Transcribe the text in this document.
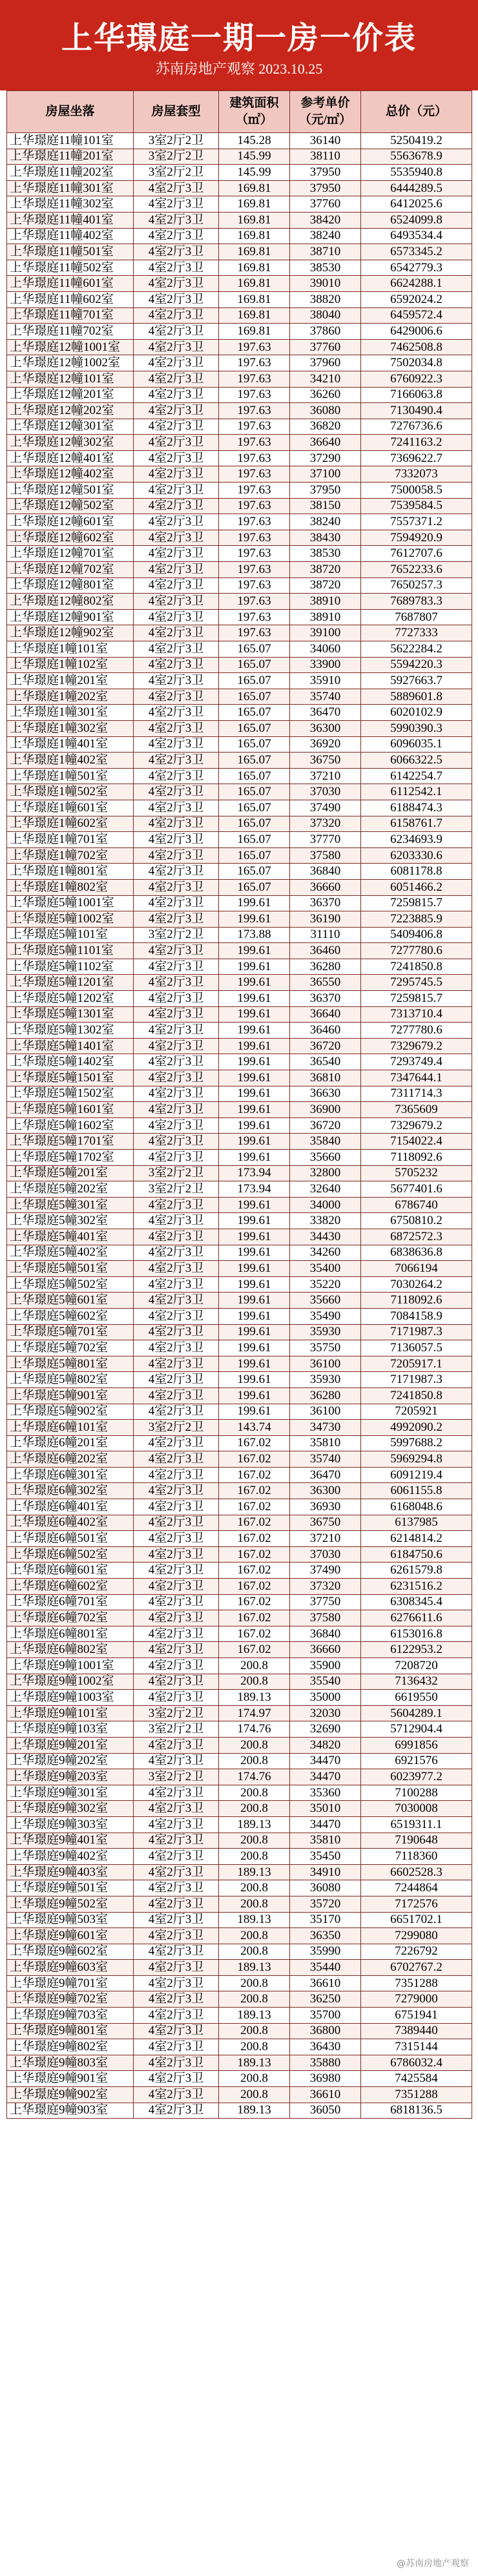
上华璟庭一期一房一价表
苏南房地产观察 2023.10.25
房屋坐落	房屋套型	建筑面积（㎡）	参考单价（元/㎡）	总价（元）
上华璟庭11幢101室	3室2厅2卫	145.28	36140	5250419.2
上华璟庭11幢201室	3室2厅2卫	145.99	38110	5563678.9
上华璟庭11幢202室	3室2厅2卫	145.99	37950	5535940.8
上华璟庭11幢301室	4室2厅3卫	169.81	37950	6444289.5
上华璟庭11幢302室	4室2厅3卫	169.81	37760	6412025.6
上华璟庭11幢401室	4室2厅3卫	169.81	38420	6524099.8
上华璟庭11幢402室	4室2厅3卫	169.81	38240	6493534.4
上华璟庭11幢501室	4室2厅3卫	169.81	38710	6573345.2
上华璟庭11幢502室	4室2厅3卫	169.81	38530	6542779.3
上华璟庭11幢601室	4室2厅3卫	169.81	39010	6624288.1
上华璟庭11幢602室	4室2厅3卫	169.81	38820	6592024.2
上华璟庭11幢701室	4室2厅3卫	169.81	38040	6459572.4
上华璟庭11幢702室	4室2厅3卫	169.81	37860	6429006.6
上华璟庭12幢1001室	4室2厅3卫	197.63	37760	7462508.8
上华璟庭12幢1002室	4室2厅3卫	197.63	37960	7502034.8
上华璟庭12幢101室	4室2厅3卫	197.63	34210	6760922.3
上华璟庭12幢201室	4室2厅3卫	197.63	36260	7166063.8
上华璟庭12幢202室	4室2厅3卫	197.63	36080	7130490.4
上华璟庭12幢301室	4室2厅3卫	197.63	36820	7276736.6
上华璟庭12幢302室	4室2厅3卫	197.63	36640	7241163.2
上华璟庭12幢401室	4室2厅3卫	197.63	37290	7369622.7
上华璟庭12幢402室	4室2厅3卫	197.63	37100	7332073
上华璟庭12幢501室	4室2厅3卫	197.63	37950	7500058.5
上华璟庭12幢502室	4室2厅3卫	197.63	38150	7539584.5
上华璟庭12幢601室	4室2厅3卫	197.63	38240	7557371.2
上华璟庭12幢602室	4室2厅3卫	197.63	38430	7594920.9
上华璟庭12幢701室	4室2厅3卫	197.63	38530	7612707.6
上华璟庭12幢702室	4室2厅3卫	197.63	38720	7652233.6
上华璟庭12幢801室	4室2厅3卫	197.63	38720	7650257.3
上华璟庭12幢802室	4室2厅3卫	197.63	38910	7689783.3
上华璟庭12幢901室	4室2厅3卫	197.63	38910	7687807
上华璟庭12幢902室	4室2厅3卫	197.63	39100	7727333
上华璟庭1幢101室	4室2厅3卫	165.07	34060	5622284.2
上华璟庭1幢102室	4室2厅3卫	165.07	33900	5594220.3
上华璟庭1幢201室	4室2厅3卫	165.07	35910	5927663.7
上华璟庭1幢202室	4室2厅3卫	165.07	35740	5889601.8
上华璟庭1幢301室	4室2厅3卫	165.07	36470	6020102.9
上华璟庭1幢302室	4室2厅3卫	165.07	36300	5990390.3
上华璟庭1幢401室	4室2厅3卫	165.07	36920	6096035.1
上华璟庭1幢402室	4室2厅3卫	165.07	36750	6066322.5
上华璟庭1幢501室	4室2厅3卫	165.07	37210	6142254.7
上华璟庭1幢502室	4室2厅3卫	165.07	37030	6112542.1
上华璟庭1幢601室	4室2厅3卫	165.07	37490	6188474.3
上华璟庭1幢602室	4室2厅3卫	165.07	37320	6158761.7
上华璟庭1幢701室	4室2厅3卫	165.07	37770	6234693.9
上华璟庭1幢702室	4室2厅3卫	165.07	37580	6203330.6
上华璟庭1幢801室	4室2厅3卫	165.07	36840	6081178.8
上华璟庭1幢802室	4室2厅3卫	165.07	36660	6051466.2
上华璟庭5幢1001室	4室2厅3卫	199.61	36370	7259815.7
上华璟庭5幢1002室	4室2厅3卫	199.61	36190	7223885.9
上华璟庭5幢101室	3室2厅2卫	173.88	31110	5409406.8
上华璟庭5幢1101室	4室2厅3卫	199.61	36460	7277780.6
上华璟庭5幢1102室	4室2厅3卫	199.61	36280	7241850.8
上华璟庭5幢1201室	4室2厅3卫	199.61	36550	7295745.5
上华璟庭5幢1202室	4室2厅3卫	199.61	36370	7259815.7
上华璟庭5幢1301室	4室2厅3卫	199.61	36640	7313710.4
上华璟庭5幢1302室	4室2厅3卫	199.61	36460	7277780.6
上华璟庭5幢1401室	4室2厅3卫	199.61	36720	7329679.2
上华璟庭5幢1402室	4室2厅3卫	199.61	36540	7293749.4
上华璟庭5幢1501室	4室2厅3卫	199.61	36810	7347644.1
上华璟庭5幢1502室	4室2厅3卫	199.61	36630	7311714.3
上华璟庭5幢1601室	4室2厅3卫	199.61	36900	7365609
上华璟庭5幢1602室	4室2厅3卫	199.61	36720	7329679.2
上华璟庭5幢1701室	4室2厅3卫	199.61	35840	7154022.4
上华璟庭5幢1702室	4室2厅3卫	199.61	35660	7118092.6
上华璟庭5幢201室	3室2厅2卫	173.94	32800	5705232
上华璟庭5幢202室	3室2厅2卫	173.94	32640	5677401.6
上华璟庭5幢301室	4室2厅3卫	199.61	34000	6786740
上华璟庭5幢302室	4室2厅3卫	199.61	33820	6750810.2
上华璟庭5幢401室	4室2厅3卫	199.61	34430	6872572.3
上华璟庭5幢402室	4室2厅3卫	199.61	34260	6838636.8
上华璟庭5幢501室	4室2厅3卫	199.61	35400	7066194
上华璟庭5幢502室	4室2厅3卫	199.61	35220	7030264.2
上华璟庭5幢601室	4室2厅3卫	199.61	35660	7118092.6
上华璟庭5幢602室	4室2厅3卫	199.61	35490	7084158.9
上华璟庭5幢701室	4室2厅3卫	199.61	35930	7171987.3
上华璟庭5幢702室	4室2厅3卫	199.61	35750	7136057.5
上华璟庭5幢801室	4室2厅3卫	199.61	36100	7205917.1
上华璟庭5幢802室	4室2厅3卫	199.61	35930	7171987.3
上华璟庭5幢901室	4室2厅3卫	199.61	36280	7241850.8
上华璟庭5幢902室	4室2厅3卫	199.61	36100	7205921
上华璟庭6幢101室	3室2厅2卫	143.74	34730	4992090.2
上华璟庭6幢201室	4室2厅3卫	167.02	35810	5997688.2
上华璟庭6幢202室	4室2厅3卫	167.02	35740	5969294.8
上华璟庭6幢301室	4室2厅3卫	167.02	36470	6091219.4
上华璟庭6幢302室	4室2厅3卫	167.02	36300	6061155.8
上华璟庭6幢401室	4室2厅3卫	167.02	36930	6168048.6
上华璟庭6幢402室	4室2厅3卫	167.02	36750	6137985
上华璟庭6幢501室	4室2厅3卫	167.02	37210	6214814.2
上华璟庭6幢502室	4室2厅3卫	167.02	37030	6184750.6
上华璟庭6幢601室	4室2厅3卫	167.02	37490	6261579.8
上华璟庭6幢602室	4室2厅3卫	167.02	37320	6231516.2
上华璟庭6幢701室	4室2厅3卫	167.02	37750	6308345.4
上华璟庭6幢702室	4室2厅3卫	167.02	37580	6276611.6
上华璟庭6幢801室	4室2厅3卫	167.02	36840	6153016.8
上华璟庭6幢802室	4室2厅3卫	167.02	36660	6122953.2
上华璟庭9幢1001室	4室2厅3卫	200.8	35900	7208720
上华璟庭9幢1002室	4室2厅3卫	200.8	35540	7136432
上华璟庭9幢1003室	4室2厅3卫	189.13	35000	6619550
上华璟庭9幢101室	3室2厅2卫	174.97	32030	5604289.1
上华璟庭9幢103室	3室2厅2卫	174.76	32690	5712904.4
上华璟庭9幢201室	4室2厅3卫	200.8	34820	6991856
上华璟庭9幢202室	4室2厅3卫	200.8	34470	6921576
上华璟庭9幢203室	3室2厅2卫	174.76	34470	6023977.2
上华璟庭9幢301室	4室2厅3卫	200.8	35360	7100288
上华璟庭9幢302室	4室2厅3卫	200.8	35010	7030008
上华璟庭9幢303室	4室2厅3卫	189.13	34470	6519311.1
上华璟庭9幢401室	4室2厅3卫	200.8	35810	7190648
上华璟庭9幢402室	4室2厅3卫	200.8	35450	7118360
上华璟庭9幢403室	4室2厅3卫	189.13	34910	6602528.3
上华璟庭9幢501室	4室2厅3卫	200.8	36080	7244864
上华璟庭9幢502室	4室2厅3卫	200.8	35720	7172576
上华璟庭9幢503室	4室2厅3卫	189.13	35170	6651702.1
上华璟庭9幢601室	4室2厅3卫	200.8	36350	7299080
上华璟庭9幢602室	4室2厅3卫	200.8	35990	7226792
上华璟庭9幢603室	4室2厅3卫	189.13	35440	6702767.2
上华璟庭9幢701室	4室2厅3卫	200.8	36610	7351288
上华璟庭9幢702室	4室2厅3卫	200.8	36250	7279000
上华璟庭9幢703室	4室2厅3卫	189.13	35700	6751941
上华璟庭9幢801室	4室2厅3卫	200.8	36800	7389440
上华璟庭9幢802室	4室2厅3卫	200.8	36430	7315144
上华璟庭9幢803室	4室2厅3卫	189.13	35880	6786032.4
上华璟庭9幢901室	4室2厅3卫	200.8	36980	7425584
上华璟庭9幢902室	4室2厅3卫	200.8	36610	7351288
上华璟庭9幢903室	4室2厅3卫	189.13	36050	6818136.5
@苏南房地产观察
